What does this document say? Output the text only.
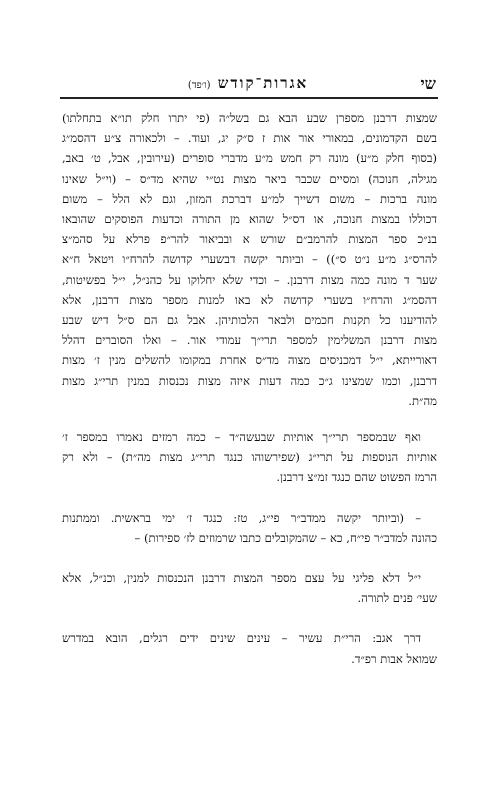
שי
אגרות־קודש (ו׳פד)

שמצות דרבנן מספרן שבע הבא גם בשל״ה (פי יתרו חלק תו״א בתחלתו)
בשם הקדמונים, במאורי אור אות ז ס״ק יג, ועוד. – ולכאורה צ״ע דהסמ״ג
(בסוף חלק מ״ע) מונה רק חמש מ״ע מדברי סופרים (עירובין, אבל, ט׳ באב,
מגילה, חנוכה) ומסיים שכבר ביאר מצות נט״י שהיא מד״ס – (וי״ל שאינו
מונה ברכות – משום דשייך למ״ע דברכת המזון, וגם לא הלל – משום
דכוללו במצות חנוכה, או דס״ל שהוא מן התורה וכדעות הפוסקים שהובאו
בנ״כ ספר המצות להרמב״ם שורש א ובביאור להר״פ פרלא על סהמ״צ
להרס״ג מ״ע נ״ט ס״)) – וביותר יקשה דבשערי קדושה להרח״ו ויטאל ח״א
שער ד מונה כמה מצות דרבנן. – וכדי שלא יחלוקו על כהנ״ל, י״ל בפשיטות,
דהסמ״ג והרח״ו בשערי קדושה לא באו למנות מספר מצות דרבנן, אלא
להודיענו כל תקנות חכמים ולבאר הלכותיהן. אבל גם הם ס״ל דיש שבע
מצות דרבנן המשלימין למספר תרי״ך עמודי אור. – ואלו הסוברים דהלל
דאורייתא, י״ל דמכניסים מצוה מד״ס אחרת במקומו להשלים מנין ז׳ מצות
דרבנן, וכמו שמצינו ג״כ כמה דעות איזה מצות נכנסות במנין תרי״ג מצות
מה״ת.

ואף שבמספר תרי״ך אותיות שבעשה״ד – כמה רמזים נאמרו במספר ז׳
אותיות הנוספות על תרי״ג (שפירשוהו כנגד תרי״ג מצות מה״ת) – ולא רק
הרמז הפשוט שהם כנגד זמ״צ דרבנן.

– (וביותר יקשה ממדב״ר פי״ג, טז: כנגד ז׳ ימי בראשית. וממתנות
כהונה למדב״ר פי״ח, כא – שהמקובלים כתבו שרמוזים לז׳ ספירות) –

י״ל דלא פליגי על עצם מספר המצות דרבנן הנכנסות למנין, וכנ״ל, אלא
שעי׳ פנים לתורה.

דרך אגב: הרי״ת עשיר – עינים שינים ידים רגלים, הובא במדרש
שמואל אבות רפ״ד.
